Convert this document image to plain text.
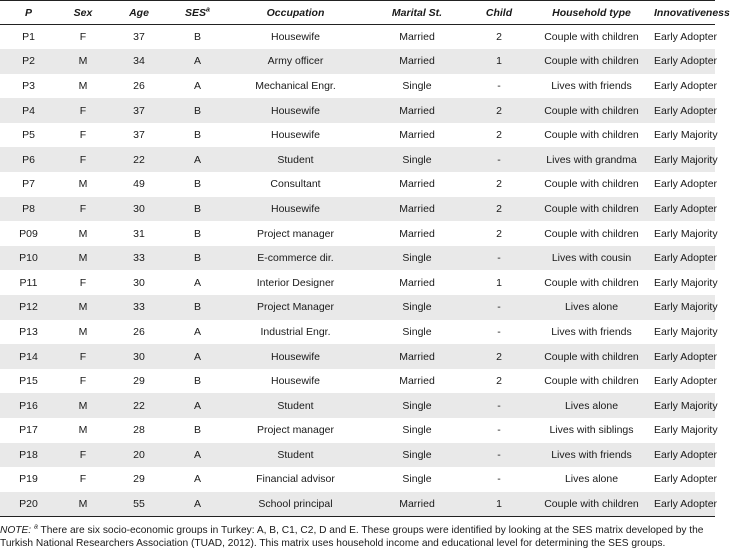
P	Sex	Age	SES$^a$	Occupation	Marital St.	Child	Household type	Innovativeness
P1	F	37	B	Housewife	Married	2	Couple with children	Early Adopter
P2	M	34	A	Army officer	Married	1	Couple with children	Early Adopter
P3	M	26	A	Mechanical Engr.	Single	-	Lives with friends	Early Adopter
P4	F	37	B	Housewife	Married	2	Couple with children	Early Adopter
P5	F	37	B	Housewife	Married	2	Couple with children	Early Majority
P6	F	22	A	Student	Single	-	Lives with grandma	Early Majority
P7	M	49	B	Consultant	Married	2	Couple with children	Early Adopter
P8	F	30	B	Housewife	Married	2	Couple with children	Early Adopter
P09	M	31	B	Project manager	Married	2	Couple with children	Early Majority
P10	M	33	B	E-commerce dir.	Single	-	Lives with cousin	Early Adopter
P11	F	30	A	Interior Designer	Married	1	Couple with children	Early Majority
P12	M	33	B	Project Manager	Single	-	Lives alone	Early Majority
P13	M	26	A	Industrial Engr.	Single	-	Lives with friends	Early Majority
P14	F	30	A	Housewife	Married	2	Couple with children	Early Adopter
P15	F	29	B	Housewife	Married	2	Couple with children	Early Adopter
P16	M	22	A	Student	Single	-	Lives alone	Early Majority
P17	M	28	B	Project manager	Single	-	Lives with siblings	Early Majority
P18	F	20	A	Student	Single	-	Lives with friends	Early Adopter
P19	F	29	A	Financial advisor	Single	-	Lives alone	Early Adopter
P20	M	55	A	School principal	Married	1	Couple with children	Early Adopter
NOTE: $^a$ There are six socio-economic groups in Turkey: A, B, C1, C2, D and E. These groups were identified by looking at the SES matrix developed by the Turkish National Researchers Association (TUAD, 2012). This matrix uses household income and educational level for determining the SES groups.
